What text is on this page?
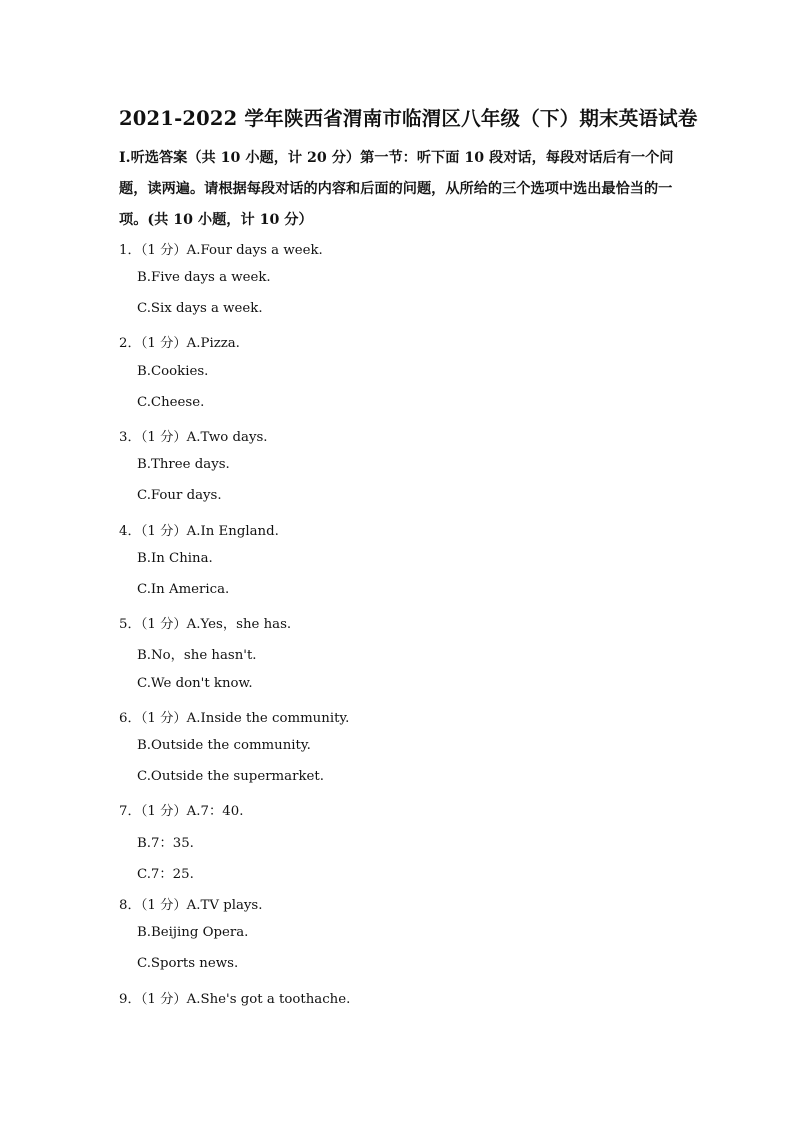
2021-2022 学年陕西省渭南市临渭区八年级（下）期末英语试卷
I.听选答案（共 10 小题，计 20 分）第一节：听下面 10 段对话，每段对话后有一个问题，读两遍。请根据每段对话的内容和后面的问题，从所给的三个选项中选出最恰当的一项。(共 10 小题，计 10 分）
1．（1 分）A.Four days a week.
B.Five days a week.
C.Six days a week.
2．（1 分）A.Pizza.
B.Cookies.
C.Cheese.
3．（1 分）A.Two days.
B.Three days.
C.Four days.
4．（1 分）A.In England.
B.In China.
C.In America.
5．（1 分）A.Yes，she has.
B.No，she hasn't.
C.We don't know.
6．（1 分）A.Inside the community.
B.Outside the community.
C.Outside the supermarket.
7．（1 分）A.7：40.
B.7：35.
C.7：25.
8．（1 分）A.TV plays.
B.Beijing Opera.
C.Sports news.
9．（1 分）A.She's got a toothache.
